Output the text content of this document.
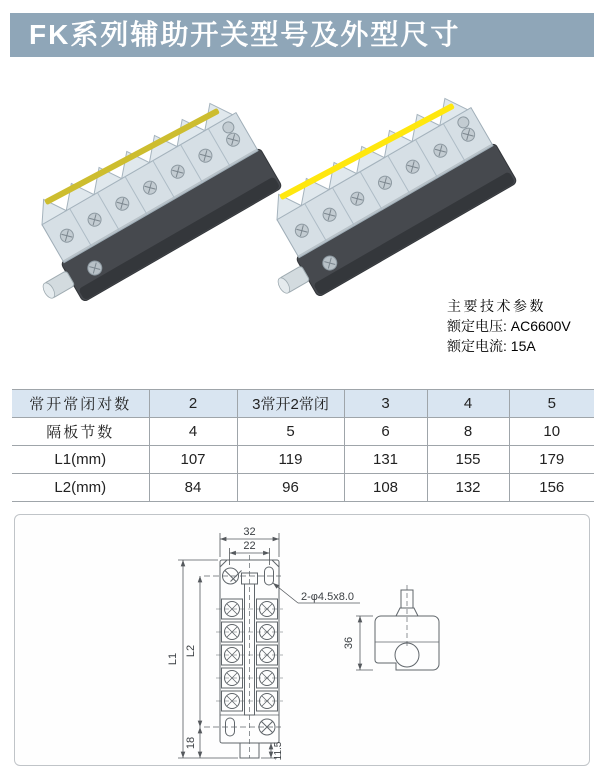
FK系列辅助开关型号及外型尺寸
主要技术参数
额定电压: AC6600V
额定电流: 15A
常开常闭对数	2	3常开2常闭	3	4	5
隔板节数	4	5	6	8	10
L1(mm)	107	119	131	155	179
L2(mm)	84	96	108	132	156
32
22
2-φ4.5x8.0
L1
L2
18	11.5
36
